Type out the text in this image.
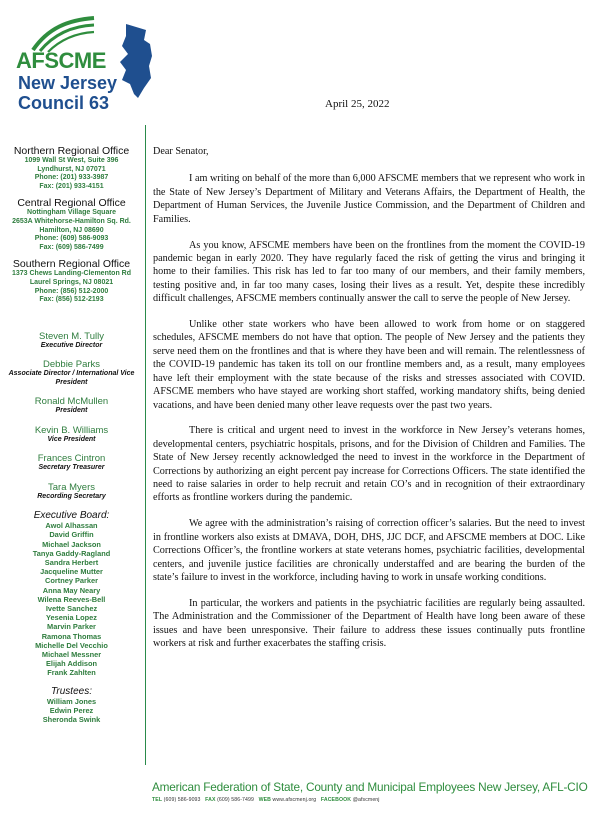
AFSCME
New Jersey
Council 63
Northern Regional Office
1099 Wall St West, Suite 396
Lyndhurst, NJ 07071
Phone: (201) 933-3987
Fax: (201) 933-4151
Central Regional Office
Nottingham Village Square
2653A Whitehorse-Hamilton Sq. Rd.
Hamilton, NJ 08690
Phone: (609) 586-9093
Fax: (609) 586-7499
Southern Regional Office
1373 Chews Landing-Clementon Rd
Laurel Springs, NJ 08021
Phone: (856) 512-2000
Fax: (856) 512-2193
Steven M. Tully
Executive Director
Debbie Parks
Associate Director / International Vice President
Ronald McMullen
President
Kevin B. Williams
Vice President
Frances Cintron
Secretary Treasurer
Tara Myers
Recording Secretary
Executive Board:
Awol Alhassan
David Griffin
Michael Jackson
Tanya Gaddy-Ragland
Sandra Herbert
Jacqueline Mutter
Cortney Parker
Anna May Neary
Wilena Reeves-Bell
Ivette Sanchez
Yesenia Lopez
Marvin Parker
Ramona Thomas
Michelle Del Vecchio
Michael Messner
Elijah Addison
Frank Zahlten
Trustees:
William Jones
Edwin Perez
Sheronda Swink
April 25, 2022

Dear Senator,

I am writing on behalf of the more than 6,000 AFSCME members that we represent who work in the State of New Jersey’s Department of Military and Veterans Affairs, the Department of Health, the Department of Human Services, the Juvenile Justice Commission, and the Department of Children and Families.

As you know, AFSCME members have been on the frontlines from the moment the COVID-19 pandemic began in early 2020. They have regularly faced the risk of getting the virus and bringing it home to their families. This risk has led to far too many of our members, and their family members, testing positive and, in far too many cases, losing their lives as a result. Yet, despite these incredibly difficult challenges, AFSCME members continually answer the call to serve the people of New Jersey.

Unlike other state workers who have been allowed to work from home or on staggered schedules, AFSCME members do not have that option. The people of New Jersey and the patients they serve need them on the frontlines and that is where they have been and will remain. The relentlessness of the COVID-19 pandemic has taken its toll on our frontline members and, as a result, many employees have left their employment with the state because of the risks and stresses associated with COVID. AFSCME members who have stayed are working short staffed, working mandatory shifts, being denied vacations, and have been denied many other leave requests over the past two years.

There is critical and urgent need to invest in the workforce in New Jersey’s veterans homes, developmental centers, psychiatric hospitals, prisons, and for the Division of Children and Families. The State of New Jersey recently acknowledged the need to invest in the workforce in the Department of Corrections by authorizing an eight percent pay increase for Corrections Officers. The state identified the need to raise salaries in order to help recruit and retain CO’s and in recognition of their extraordinary efforts as frontline workers during the pandemic.

We agree with the administration’s raising of correction officer’s salaries. But the need to invest in frontline workers also exists at DMAVA, DOH, DHS, JJC DCF, and AFSCME members at DOC. Like Corrections Officer’s, the frontline workers at state veterans homes, psychiatric facilities, developmental centers, and juvenile justice facilities are chronically understaffed and are bearing the burden of the state’s failure to invest in the workforce, including having to work in unsafe working conditions.

In particular, the workers and patients in the psychiatric facilities are regularly being assaulted. The Administration and the Commissioner of the Department of Health have long been aware of these issues and have been unresponsive. Their failure to address these issues continually puts frontline workers at risk and further exacerbates the staffing crisis.

American Federation of State, County and Municipal Employees New Jersey, AFL-CIO
TEL (609) 586-9093 FAX (609) 586-7499 WEB www.afscmenj.org FACEBOOK @afscmenj
